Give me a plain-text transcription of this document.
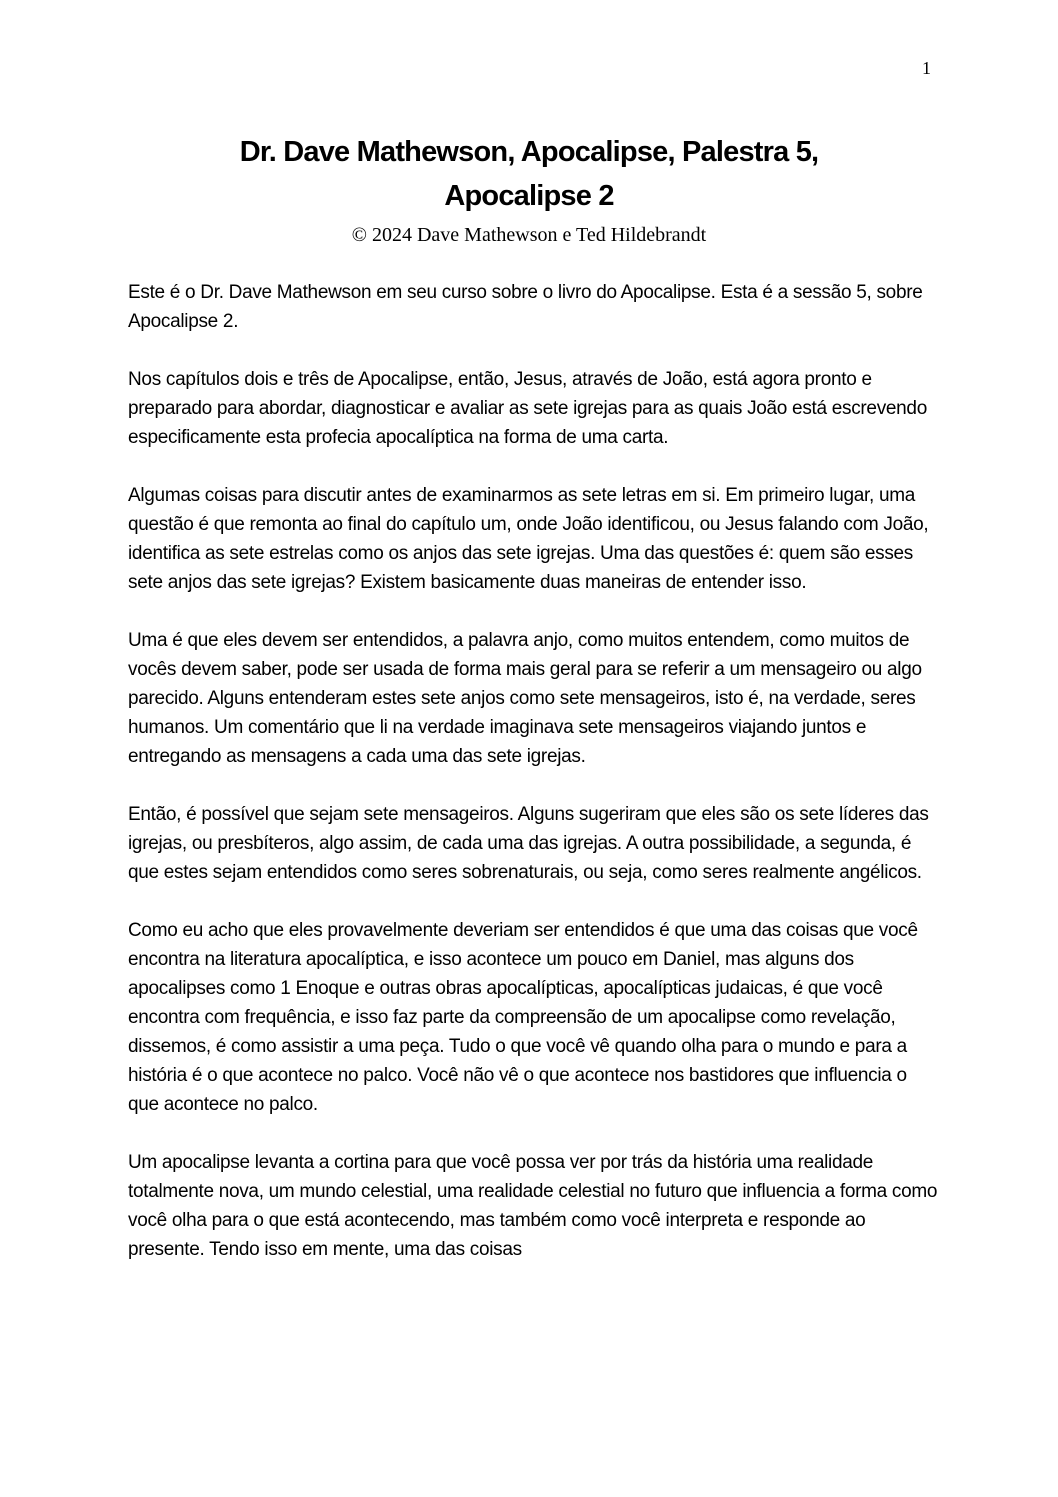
1
Dr. Dave Mathewson, Apocalipse, Palestra 5,
Apocalipse 2
© 2024 Dave Mathewson e Ted Hildebrandt

Este é o Dr. Dave Mathewson em seu curso sobre o livro do Apocalipse. Esta é a sessão 5, sobre Apocalipse 2.

Nos capítulos dois e três de Apocalipse, então, Jesus, através de João, está agora pronto e preparado para abordar, diagnosticar e avaliar as sete igrejas para as quais João está escrevendo especificamente esta profecia apocalíptica na forma de uma carta.

Algumas coisas para discutir antes de examinarmos as sete letras em si. Em primeiro lugar, uma questão é que remonta ao final do capítulo um, onde João identificou, ou Jesus falando com João, identifica as sete estrelas como os anjos das sete igrejas. Uma das questões é: quem são esses sete anjos das sete igrejas? Existem basicamente duas maneiras de entender isso.

Uma é que eles devem ser entendidos, a palavra anjo, como muitos entendem, como muitos de vocês devem saber, pode ser usada de forma mais geral para se referir a um mensageiro ou algo parecido. Alguns entenderam estes sete anjos como sete mensageiros, isto é, na verdade, seres humanos. Um comentário que li na verdade imaginava sete mensageiros viajando juntos e entregando as mensagens a cada uma das sete igrejas.

Então, é possível que sejam sete mensageiros. Alguns sugeriram que eles são os sete líderes das igrejas, ou presbíteros, algo assim, de cada uma das igrejas. A outra possibilidade, a segunda, é que estes sejam entendidos como seres sobrenaturais, ou seja, como seres realmente angélicos.

Como eu acho que eles provavelmente deveriam ser entendidos é que uma das coisas que você encontra na literatura apocalíptica, e isso acontece um pouco em Daniel, mas alguns dos apocalipses como 1 Enoque e outras obras apocalípticas, apocalípticas judaicas, é que você encontra com frequência, e isso faz parte da compreensão de um apocalipse como revelação, dissemos, é como assistir a uma peça. Tudo o que você vê quando olha para o mundo e para a história é o que acontece no palco. Você não vê o que acontece nos bastidores que influencia o que acontece no palco.

Um apocalipse levanta a cortina para que você possa ver por trás da história uma realidade totalmente nova, um mundo celestial, uma realidade celestial no futuro que influencia a forma como você olha para o que está acontecendo, mas também como você interpreta e responde ao presente. Tendo isso em mente, uma das coisas
